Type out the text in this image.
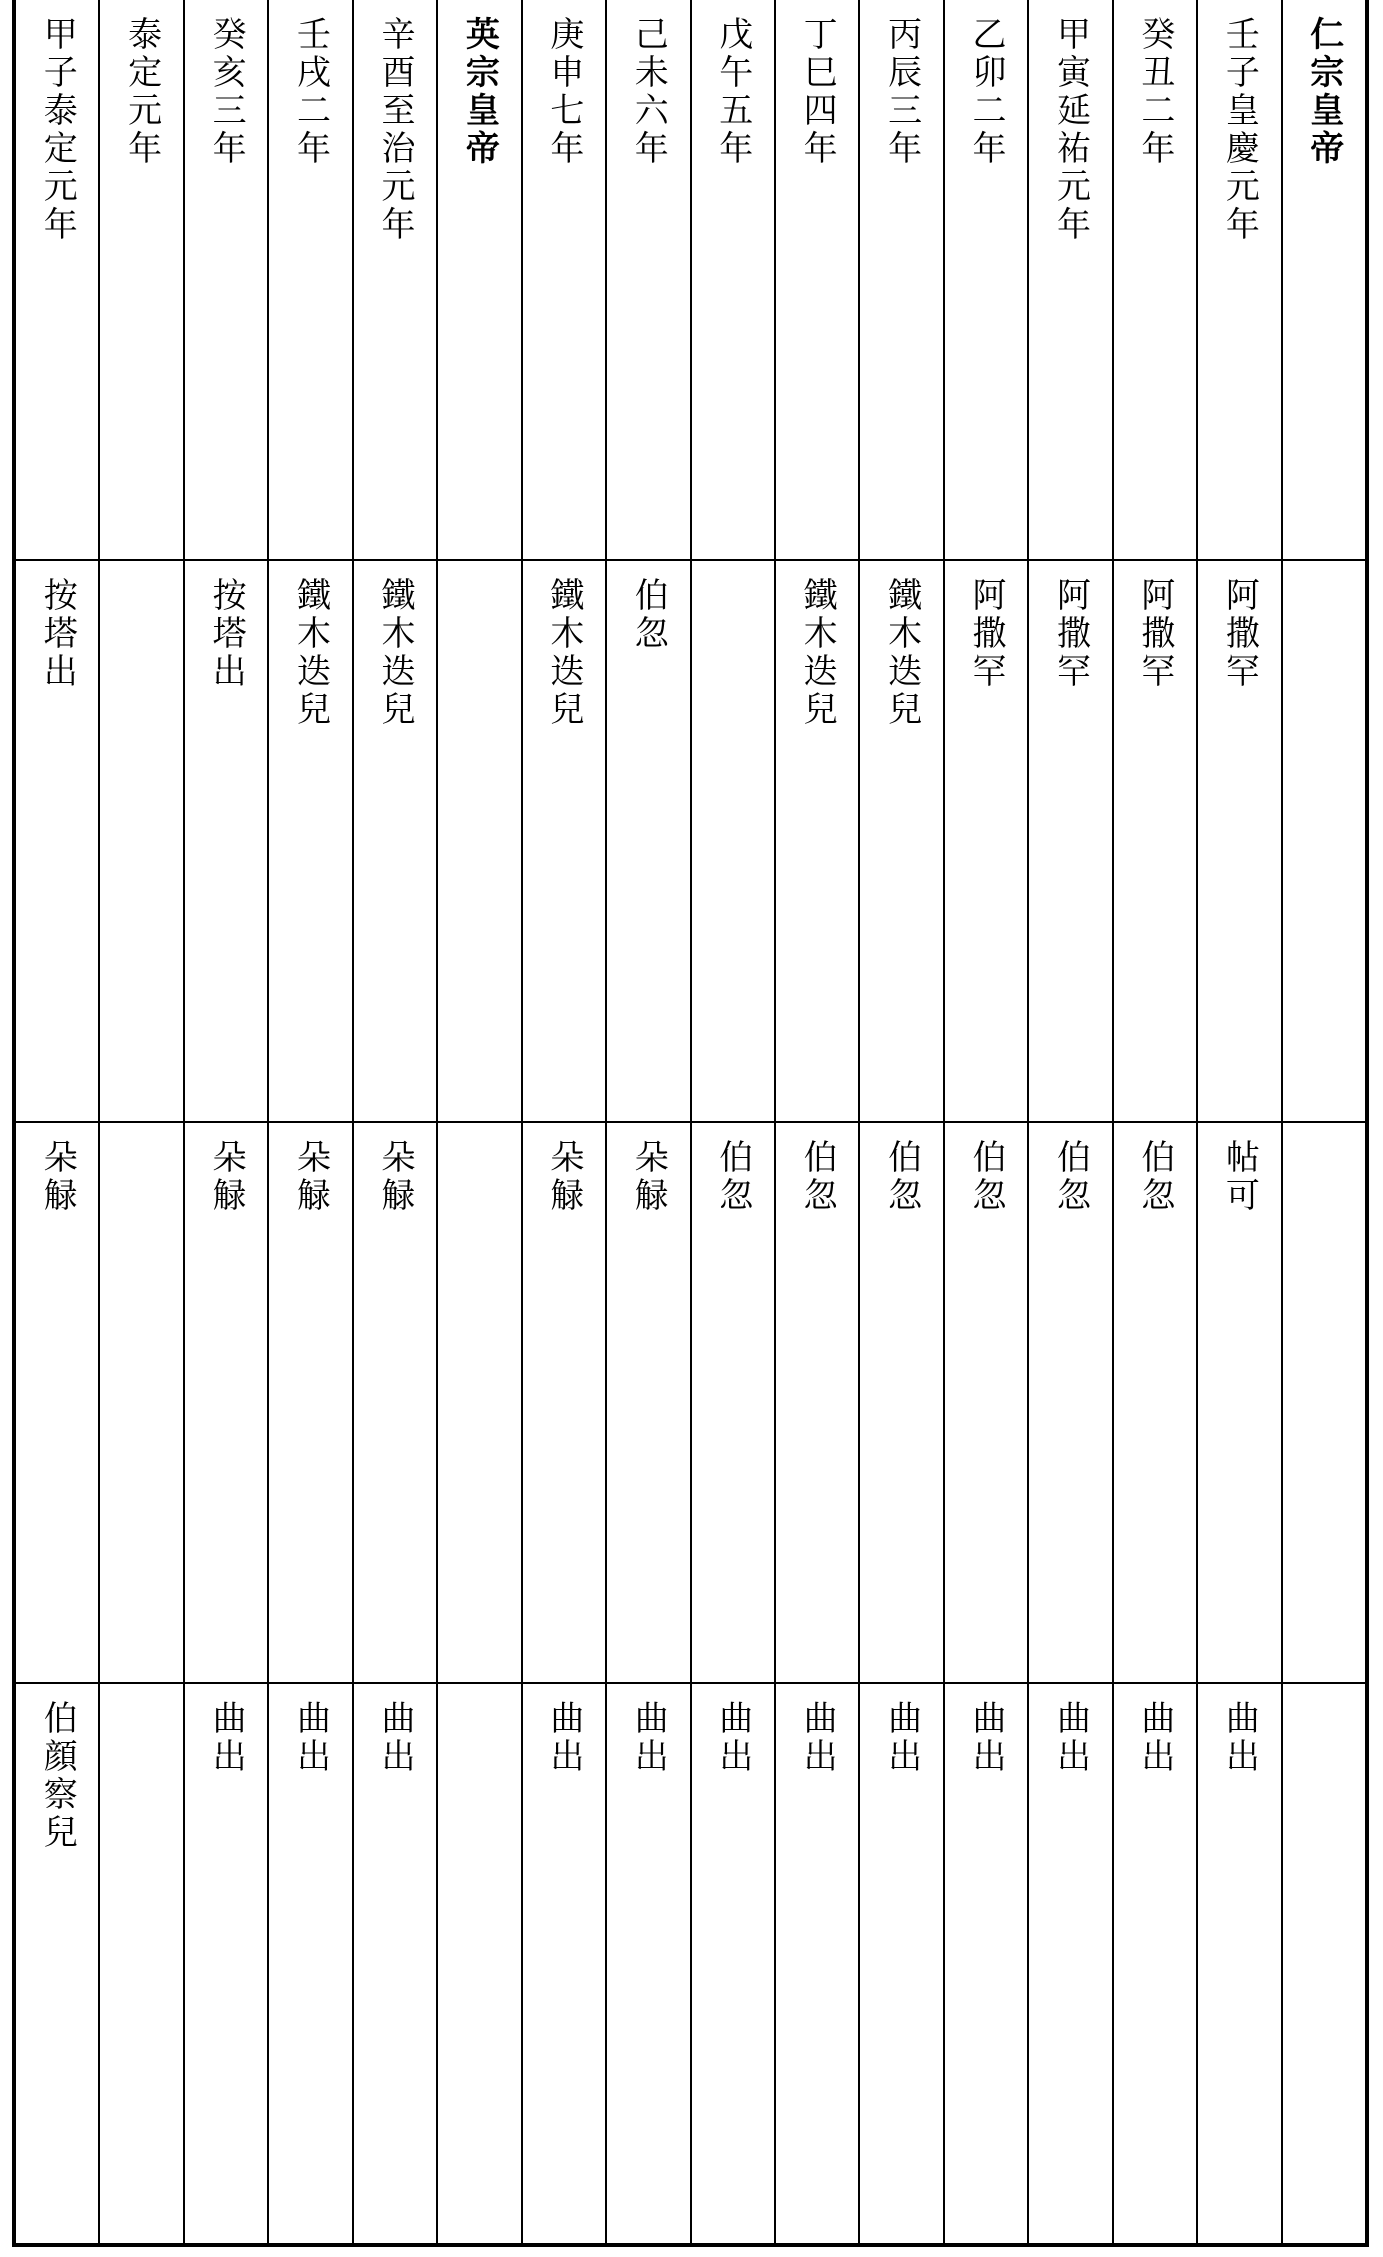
仁宗皇帝
壬子皇慶元年
阿撒罕
帖可
曲出
癸丑二年
阿撒罕
伯忽
曲出
甲寅延祐元年
阿撒罕
伯忽
曲出
乙卯二年
阿撒罕
伯忽
曲出
丙辰三年
鐵木迭兒
伯忽
曲出
丁巳四年
鐵木迭兒
伯忽
曲出
戊午五年
伯忽
曲出
己未六年
伯忽
朵觮
曲出
庚申七年
鐵木迭兒
朵觮
曲出
英宗皇帝
辛酉至治元年
鐵木迭兒
朵觮
曲出
壬戌二年
鐵木迭兒
朵觮
曲出
癸亥三年
按塔出
朵觮
曲出
泰定元年
甲子泰定元年
按塔出
朵觮
伯顔察兒
